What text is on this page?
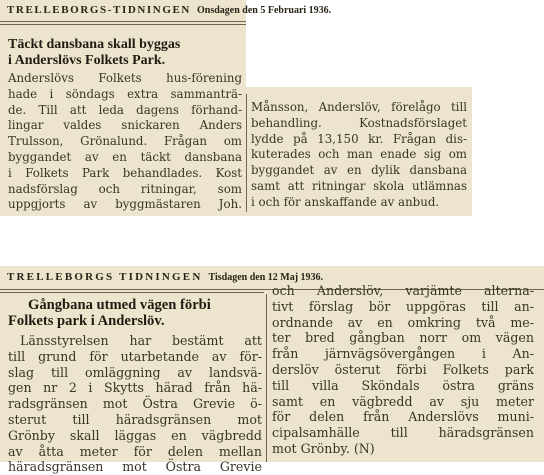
TRELLEBORGS-TIDNINGEN Onsdagen den 5 Februari 1936.
Täckt dansbana skall byggas
i Anderslövs Folkets Park.
Anderslövs Folkets hus-förening
hade i söndags extra sammanträ-
de. Till att leda dagens förhand-
lingar valdes snickaren Anders
Trulsson, Grönalund. Frågan om
byggandet av en täckt dansbana
i Folkets Park behandlades. Kost
nadsförslag och ritningar, som
uppgjorts av byggmästaren Joh.
Månsson, Anderslöv, förelågo till
behandling. Kostnadsförslaget
lydde på 13,150 kr. Frågan dis-
kuterades och man enade sig om
byggandet av en dylik dansbana
samt att ritningar skola utlämnas
i och för anskaffande av anbud.
TRELLEBORGS TIDNINGEN Tisdagen den 12 Maj 1936.
Gångbana utmed vägen förbi
Folkets park i Anderslöv.
Länsstyrelsen har bestämt att
till grund för utarbetande av för-
slag till omläggning av landsvä-
gen nr 2 i Skytts härad från hä-
radsgränsen mot Östra Grevie ö-
sterut till häradsgränsen mot
Grönby skall läggas en vägbredd
av åtta meter för delen mellan
häradsgränsen mot Östra Grevie
och Anderslöv, varjämte alterna-
tivt förslag bör uppgöras till an-
ordnande av en omkring två me-
ter bred gångban norr om vägen
från järnvägsövergången i An-
derslöv österut förbi Folkets park
till villa Sköndals östra gräns
samt en vägbredd av sju meter
för delen från Anderslövs muni-
cipalsamhälle till häradsgränsen
mot Grönby. (N)
